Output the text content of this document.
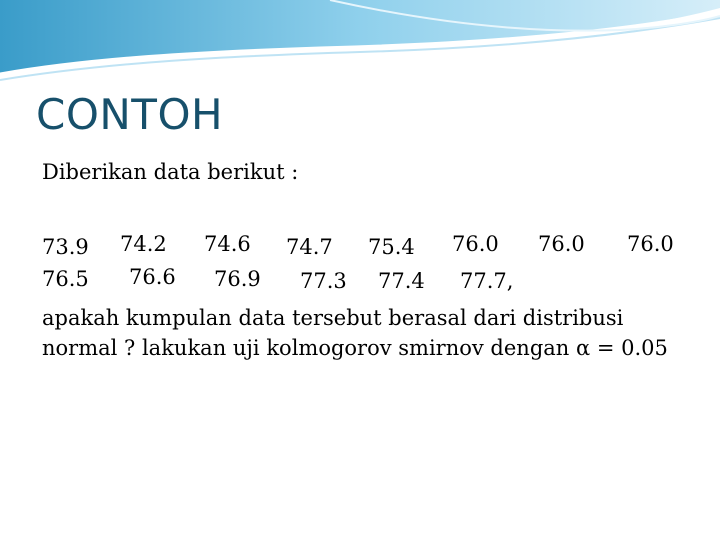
CONTOH
Diberikan data berikut :
73.9 74.2 74.6 74.7 75.4 76.0 76.0 76.0
76.5 76.6 76.9 77.3 77.4 77.7,
apakah kumpulan data tersebut berasal dari distribusi normal ? lakukan uji kolmogorov smirnov dengan α = 0.05
